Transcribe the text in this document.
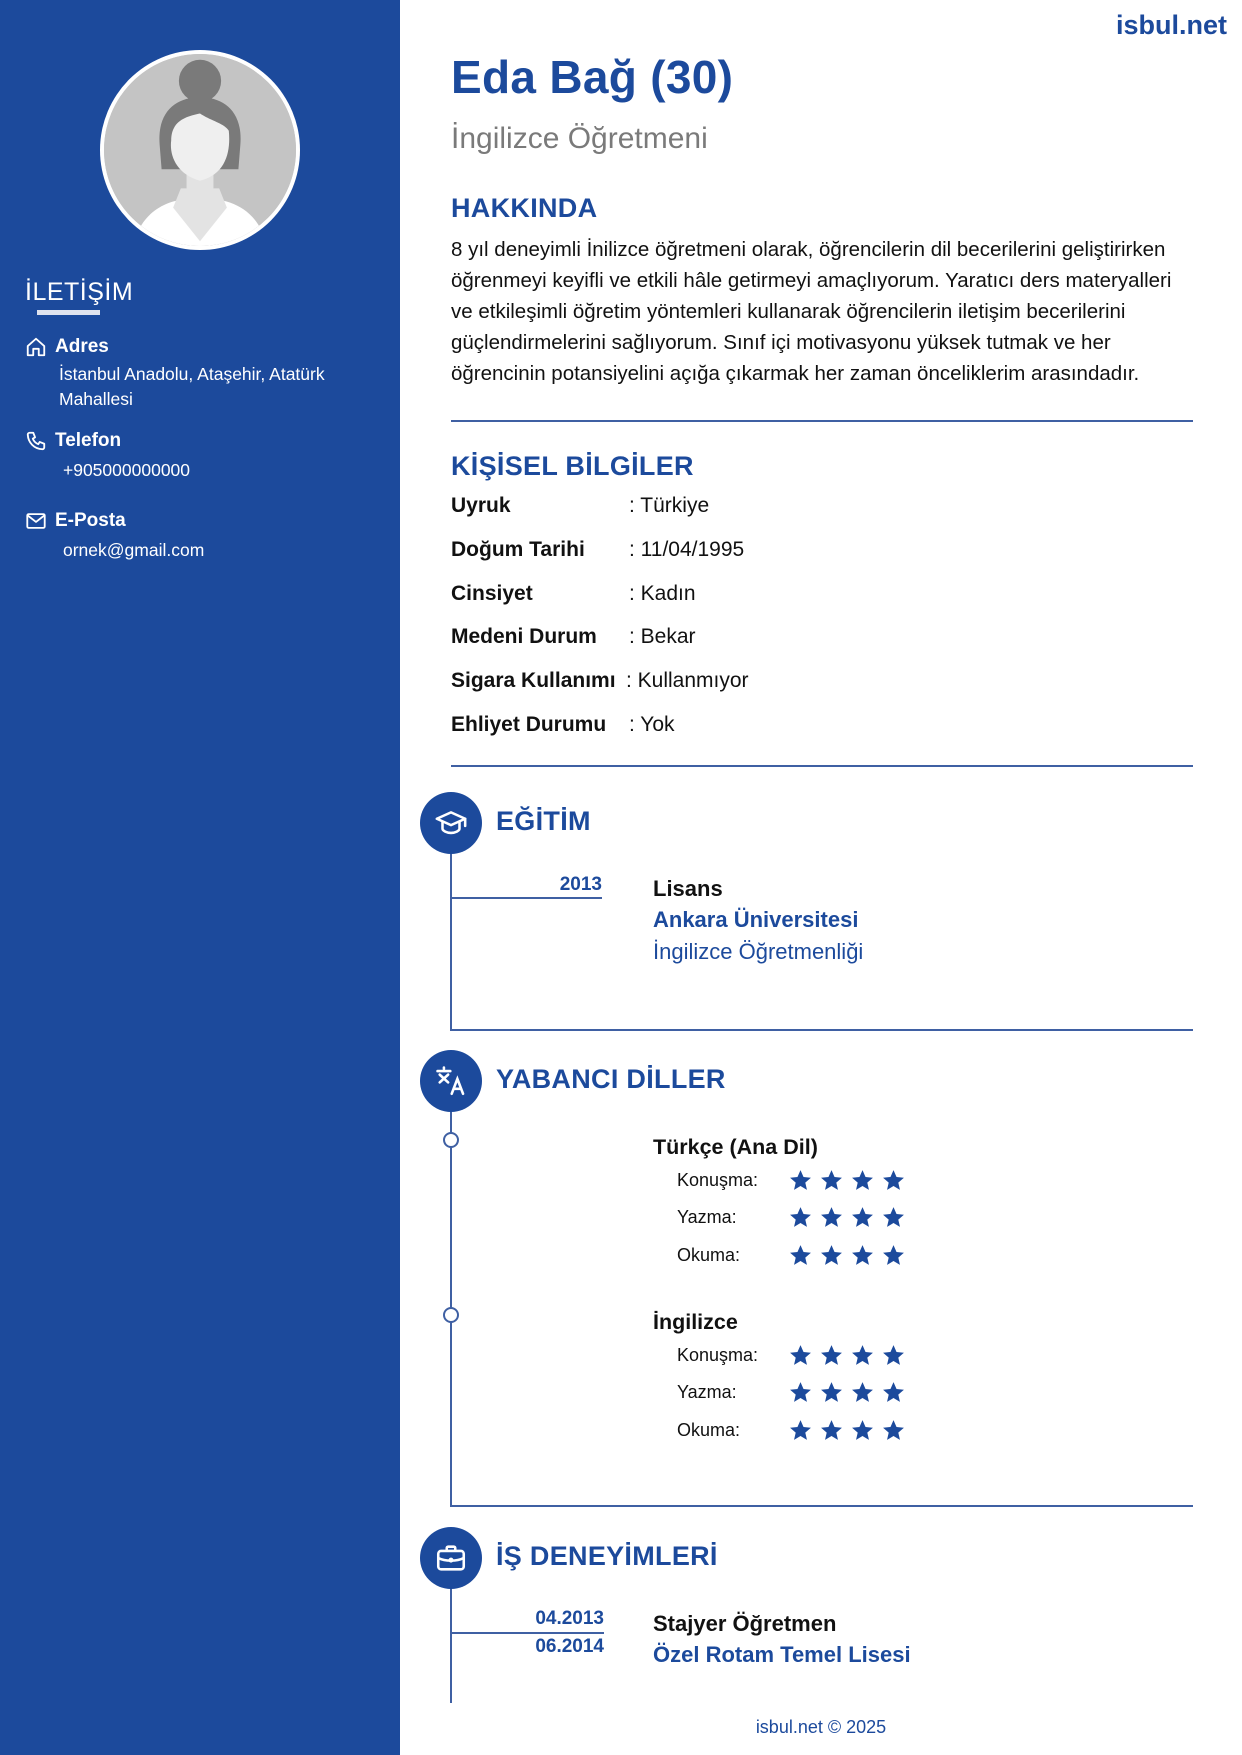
İLETİŞİM
Adres
İstanbul Anadolu, Ataşehir, Atatürk Mahallesi
Telefon
+905000000000
E-Posta
ornek@gmail.com
isbul.net
Eda Bağ (30)
İngilizce Öğretmeni
HAKKINDA

8 yıl deneyimli İnilizce öğretmeni olarak, öğrencilerin dil becerilerini geliştirirken öğrenmeyi keyifli ve etkili hâle getirmeyi amaçlıyorum. Yaratıcı ders materyalleri ve etkileşimli öğretim yöntemleri kullanarak öğrencilerin iletişim becerilerini güçlendirmelerini sağlıyorum. Sınıf içi motivasyonu yüksek tutmak ve her öğrencinin potansiyelini açığa çıkarmak her zaman önceliklerim arasındadır.

KİŞİSEL BİLGİLER
Uyruk	: Türkiye
Doğum Tarihi	: 11/04/1995
Cinsiyet	: Kadın
Medeni Durum	: Bekar
Sigara Kullanımı : Kullanmıyor
Ehliyet Durumu	: Yok
EĞİTİM
2013 Lisans
Ankara Üniversitesi
İngilizce Öğretmenliği
YABANCI DİLLER
Türkçe (Ana Dil)
Konuşma:
Yazma:
Okuma:
İngilizce
Konuşma:
Yazma:
Okuma:
İŞ DENEYİMLERİ
04.2013
06.2014
Stajyer Öğretmen
Özel Rotam Temel Lisesi
isbul.net © 2025
